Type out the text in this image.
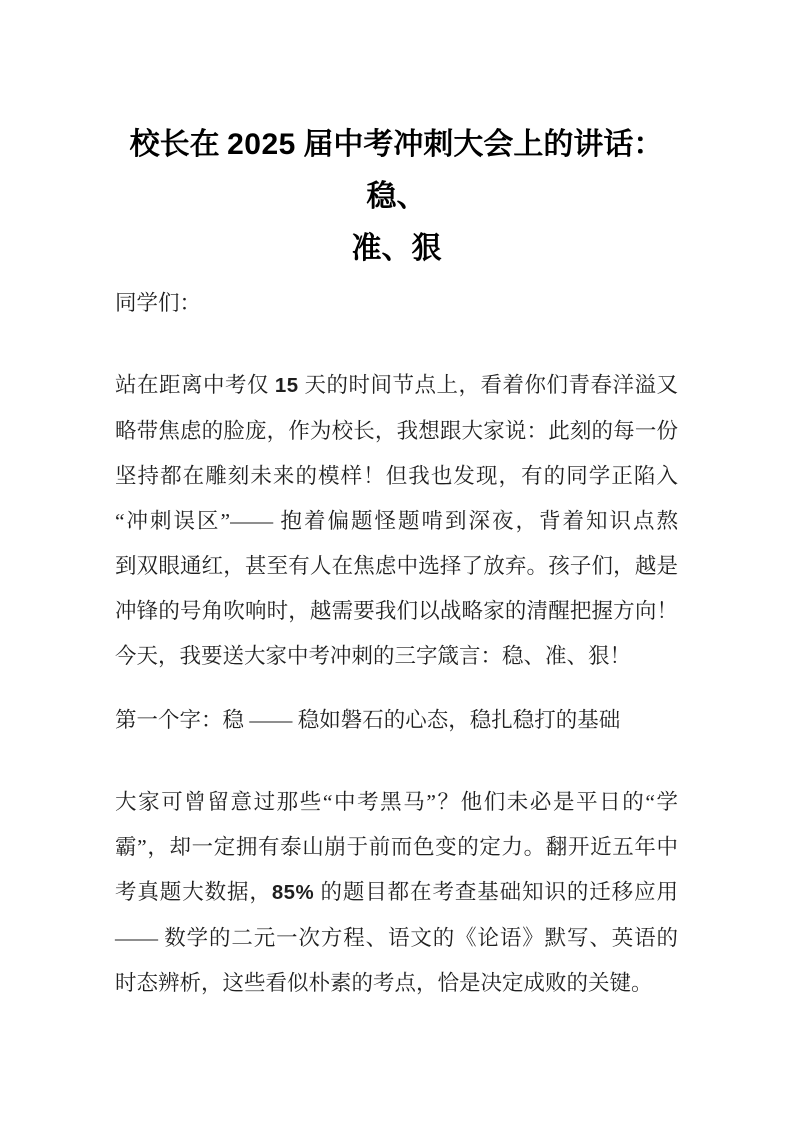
校长在 2025 届中考冲刺大会上的讲话：稳、
准、狠
同学们：
站在距离中考仅 15 天的时间节点上，看着你们青春洋溢又
略带焦虑的脸庞，作为校长，我想跟大家说：此刻的每一份
坚持都在雕刻未来的模样！但我也发现，有的同学正陷入
“冲刺误区”—— 抱着偏题怪题啃到深夜，背着知识点熬
到双眼通红，甚至有人在焦虑中选择了放弃。孩子们，越是
冲锋的号角吹响时，越需要我们以战略家的清醒把握方向！
今天，我要送大家中考冲刺的三字箴言：稳、准、狠！
第一个字：稳 —— 稳如磐石的心态，稳扎稳打的基础
大家可曾留意过那些“中考黑马”？他们未必是平日的“学
霸”，却一定拥有泰山崩于前而色变的定力。翻开近五年中
考真题大数据，85% 的题目都在考查基础知识的迁移应用
—— 数学的二元一次方程、语文的《论语》默写、英语的
时态辨析，这些看似朴素的考点，恰是决定成败的关键。
